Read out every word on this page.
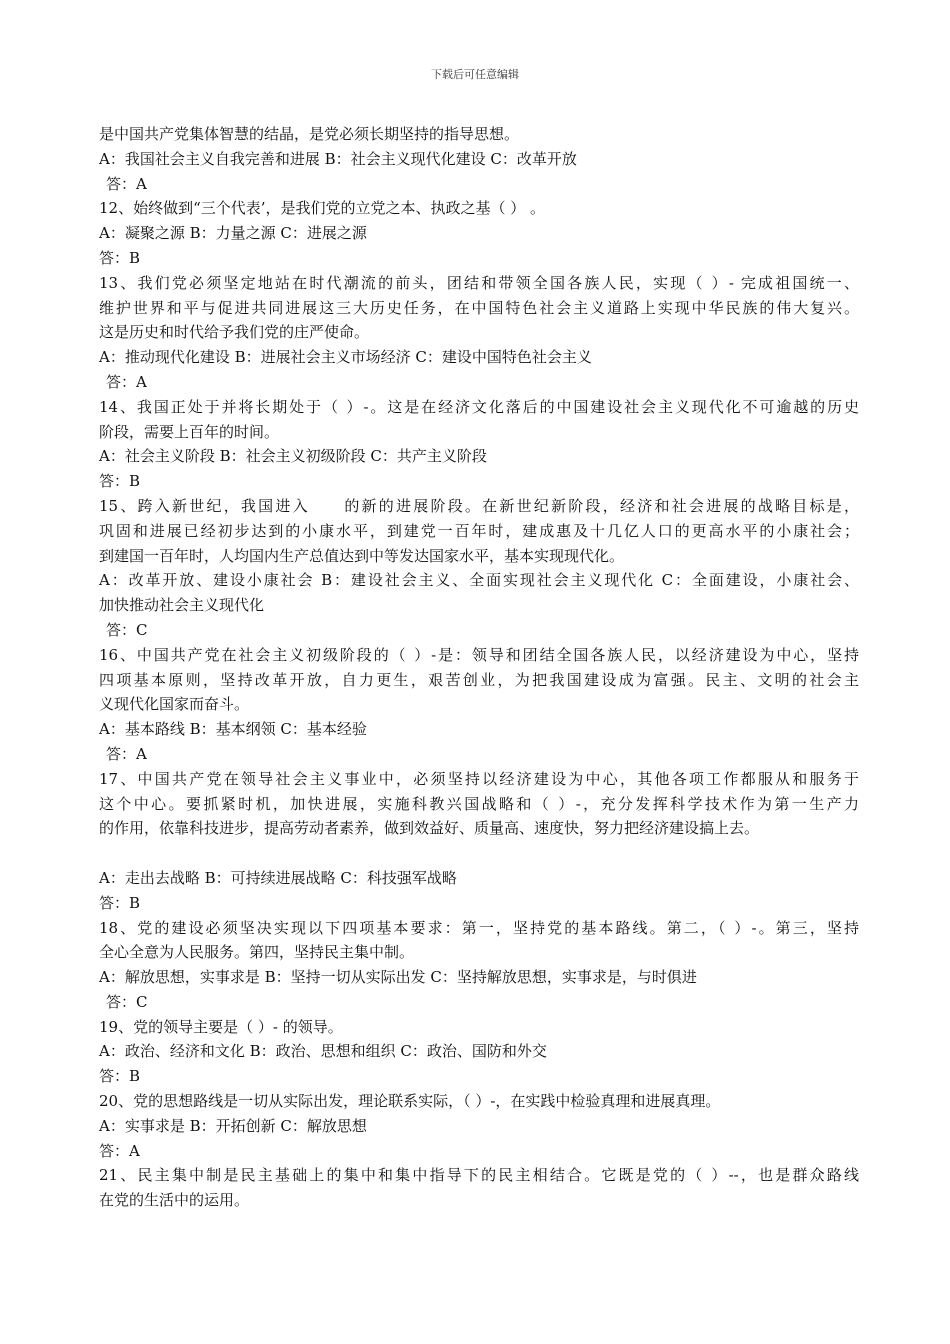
下载后可任意编辑
是中国共产党集体智慧的结晶，是党必须长期坚持的指导思想。
A：我国社会主义自我完善和进展 B：社会主义现代化建设 C：改革开放
答：A
12、始终做到“三个代表’，是我们党的立党之本、执政之基（ ） 。
A：凝聚之源 B：力量之源 C：进展之源
答：B
13、我们党必须坚定地站在时代潮流的前头，团结和带领全国各族人民，实现（ ）- 完成祖国统一、
维护世界和平与促进共同进展这三大历史任务，在中国特色社会主义道路上实现中华民族的伟大复兴。
这是历史和时代给予我们党的庄严使命。
A：推动现代化建设 B：进展社会主义市场经济 C：建设中国特色社会主义
答：A
14、我国正处于并将长期处于（ ）-。这是在经济文化落后的中国建设社会主义现代化不可逾越的历史
阶段，需要上百年的时间。
A：社会主义阶段 B：社会主义初级阶段 C：共产主义阶段
答：B
15、跨入新世纪，我国进入　　的新的进展阶段。在新世纪新阶段，经济和社会进展的战略目标是，
巩固和进展已经初步达到的小康水平，到建党一百年时，建成惠及十几亿人口的更高水平的小康社会；
到建国一百年时，人均国内生产总值达到中等发达国家水平，基本实现现代化。
A：改革开放、建设小康社会 B：建设社会主义、全面实现社会主义现代化 C：全面建设，小康社会、
加快推动社会主义现代化
答：C
16、中国共产党在社会主义初级阶段的（ ）-是：领导和团结全国各族人民，以经济建设为中心，坚持
四项基本原则，坚持改革开放，自力更生，艰苦创业，为把我国建设成为富强。民主、文明的社会主
义现代化国家而奋斗。
A：基本路线 B：基本纲领 C：基本经验
答：A
17、中国共产党在领导社会主义事业中，必须坚持以经济建设为中心，其他各项工作都服从和服务于
这个中心。要抓紧时机，加快进展，实施科教兴国战略和（ ）-，充分发挥科学技术作为第一生产力
的作用，依靠科技进步，提高劳动者素养，做到效益好、质量高、速度快，努力把经济建设搞上去。
A：走出去战略 B：可持续进展战略 C：科技强军战略
答：B
18、党的建设必须坚决实现以下四项基本要求：第一，坚持党的基本路线。第二，（ ）-。第三，坚持
全心全意为人民服务。第四，坚持民主集中制。
A：解放思想，实事求是 B：坚持一切从实际出发 C：坚持解放思想，实事求是，与时俱进
答：C
19、党的领导主要是（ ）- 的领导。
A：政治、经济和文化 B：政治、思想和组织 C：政治、国防和外交
答：B
20、党的思想路线是一切从实际出发，理论联系实际，（ ）-，在实践中检验真理和进展真理。
A：实事求是 B：开拓创新 C：解放思想
答：A
21、民主集中制是民主基础上的集中和集中指导下的民主相结合。它既是党的（ ）--，也是群众路线
在党的生活中的运用。
